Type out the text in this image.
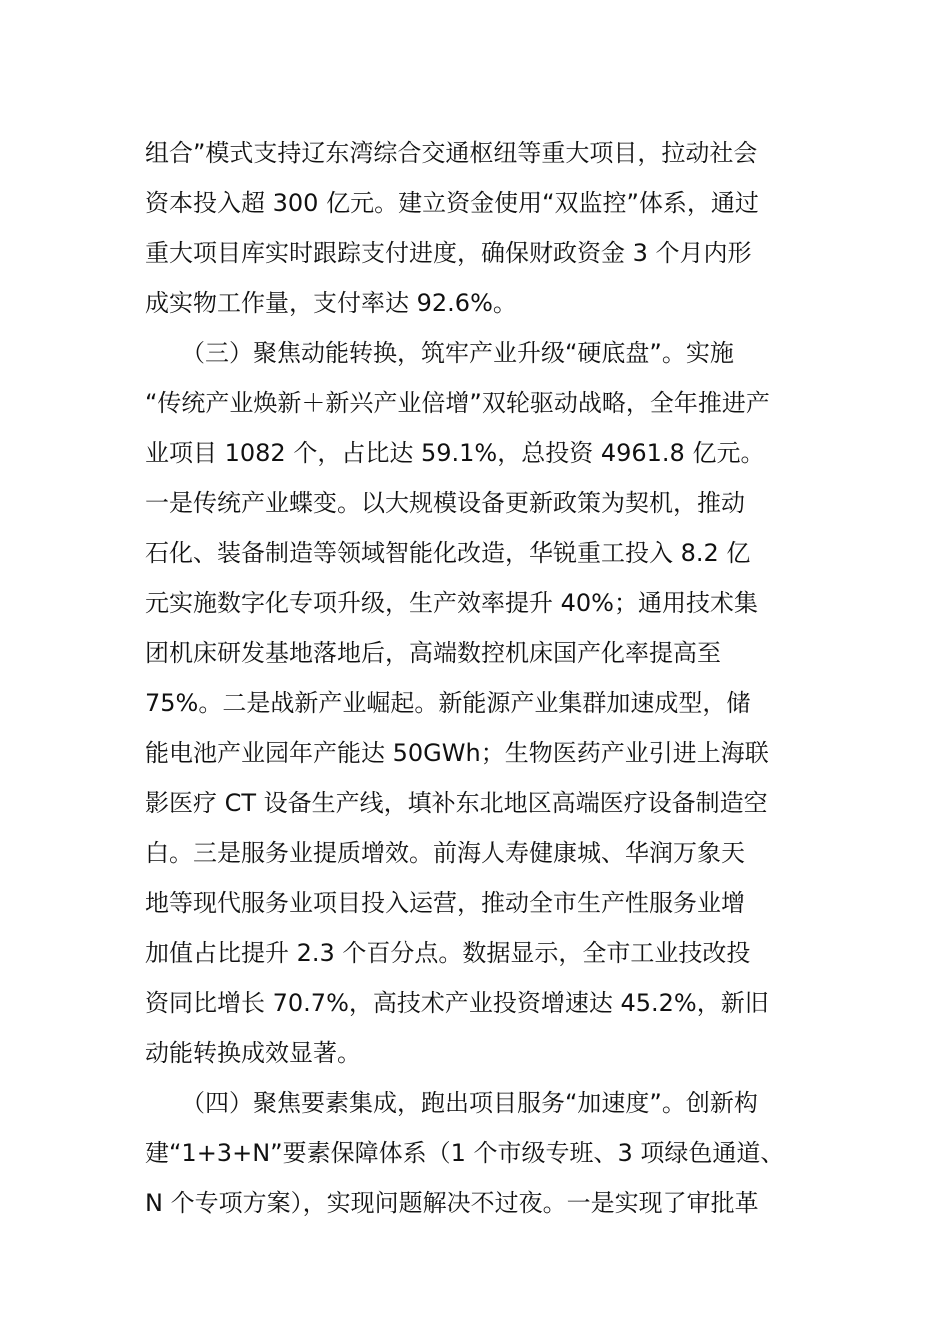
组合”模式支持辽东湾综合交通枢纽等重大项目，拉动社会
资本投入超 300 亿元。建立资金使用“双监控”体系，通过
重大项目库实时跟踪支付进度，确保财政资金 3 个月内形
成实物工作量，支付率达 92.6%。
　　（三）聚焦动能转换，筑牢产业升级“硬底盘”。实施
“传统产业焕新＋新兴产业倍增”双轮驱动战略，全年推进产
业项目 1082 个，占比达 59.1%，总投资 4961.8 亿元。
一是传统产业蝶变。以大规模设备更新政策为契机，推动
石化、装备制造等领域智能化改造，华锐重工投入 8.2 亿
元实施数字化专项升级，生产效率提升 40%；通用技术集
团机床研发基地落地后，高端数控机床国产化率提高至
75%。二是战新产业崛起。新能源产业集群加速成型，储
能电池产业园年产能达 50GWh；生物医药产业引进上海联
影医疗 CT 设备生产线，填补东北地区高端医疗设备制造空
白。三是服务业提质增效。前海人寿健康城、华润万象天
地等现代服务业项目投入运营，推动全市生产性服务业增
加值占比提升 2.3 个百分点。数据显示，全市工业技改投
资同比增长 70.7%，高技术产业投资增速达 45.2%，新旧
动能转换成效显著。
　　（四）聚焦要素集成，跑出项目服务“加速度”。创新构
建“1+3+N”要素保障体系（1 个市级专班、3 项绿色通道、
N 个专项方案），实现问题解决不过夜。一是实现了审批革
